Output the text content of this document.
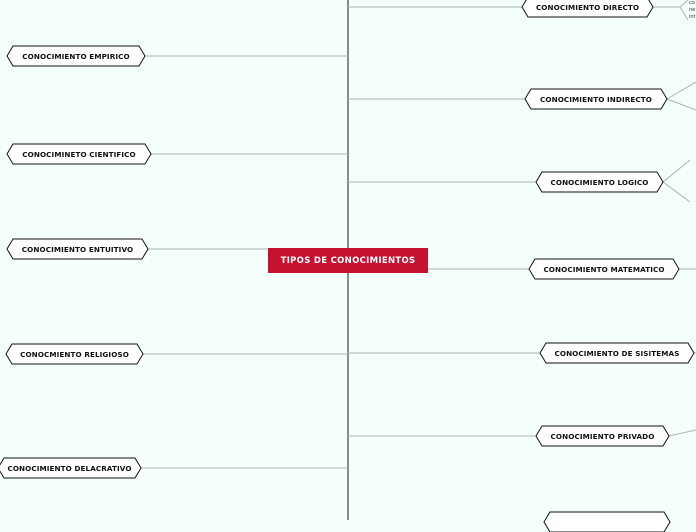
co
ne
int
TIPOS DE CONOCIMIENTOS
CONOCIMIENTO EMPIRICO
CONOCIMINETO CIENTIFICO
CONOCIMIENTO ENTUITIVO
CONOCMIENTO RELIGIOSO
CONOCIMIENTO DELACRATIVO
CONOCIMIENTO DIRECTO
CONOCIMIENTO INDIRECTO
CONOCIMIENTO LOGICO
CONOCIMIENTO MATEMATICO
CONOCIMIENTO DE SISITEMAS
CONOCIMIENTO PRIVADO
